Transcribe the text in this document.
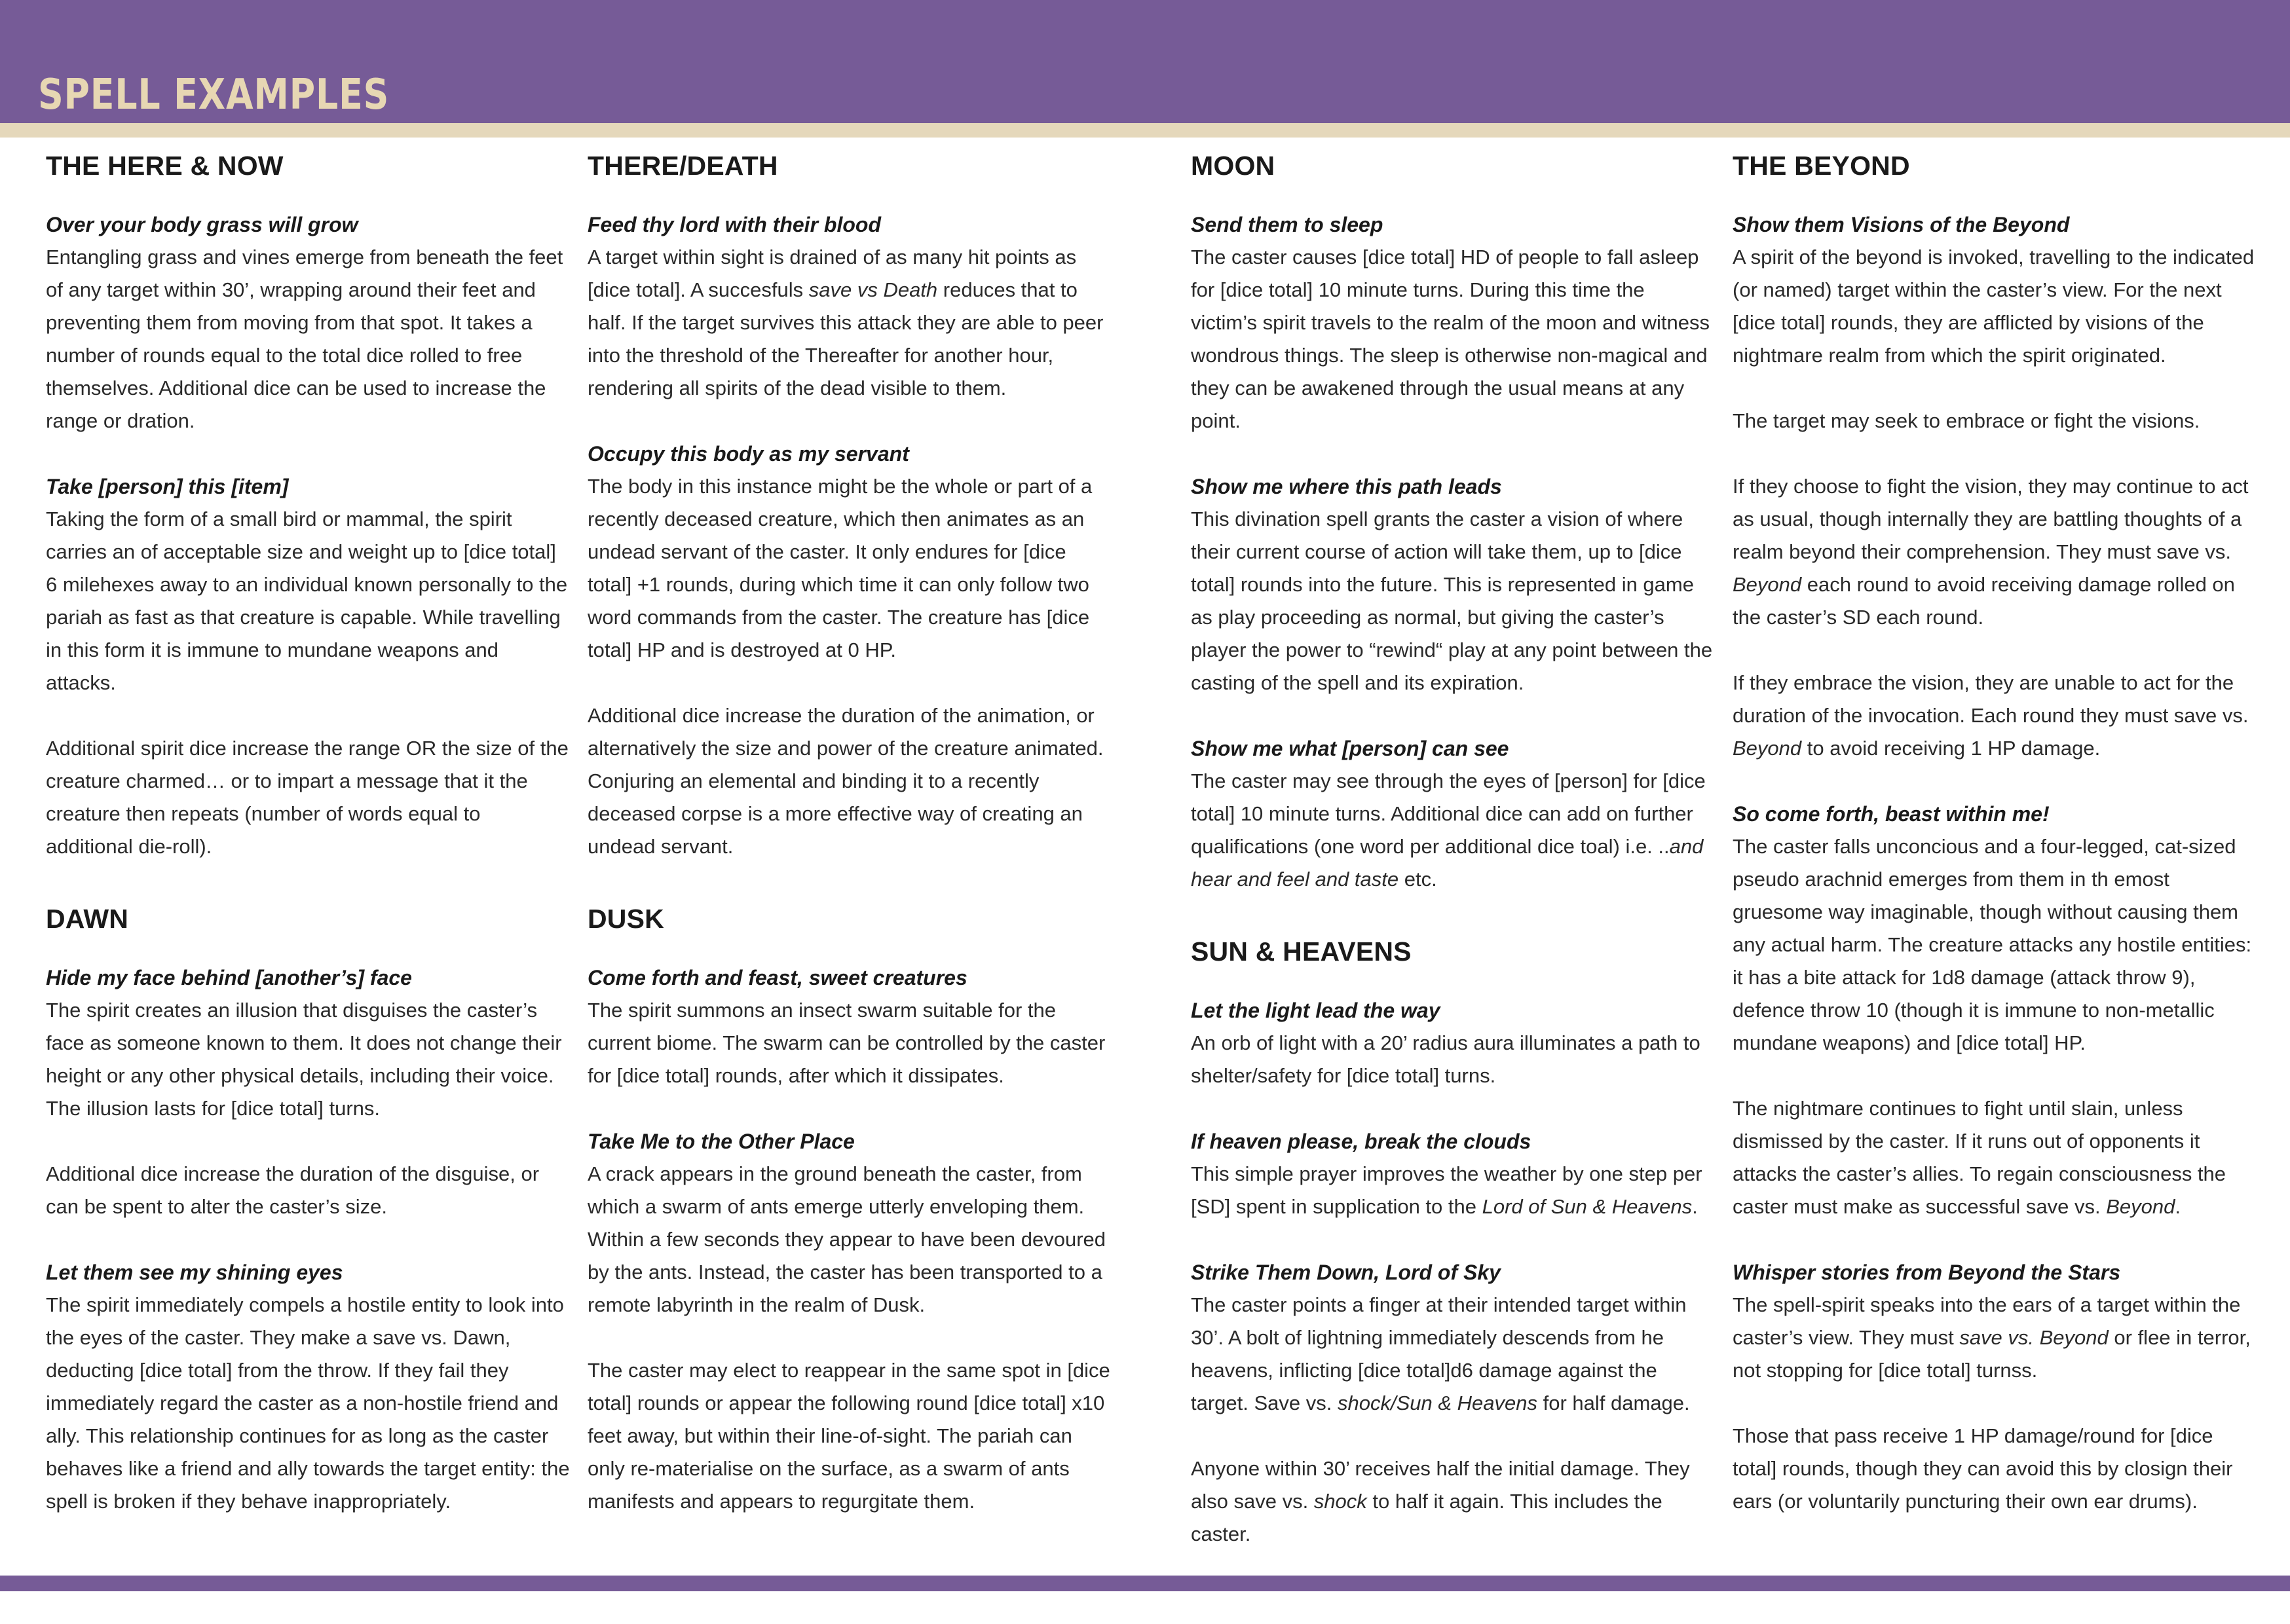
SPELL EXAMPLES
THE HERE & NOW

Over your body grass will grow

Entangling grass and vines emerge from beneath the feet of any target within 30’, wrapping around their feet and preventing them from moving from that spot. It takes a number of rounds equal to the total dice rolled to free themselves. Additional dice can be used to increase the range or dration.

Take [person] this [item]

Taking the form of a small bird or mammal, the spirit carries an of acceptable size and weight up to [dice total] 6 milehexes away to an individual known personally to the pariah as fast as that creature is capable. While travelling in this form it is immune to mundane weapons and attacks.

Additional spirit dice increase the range OR the size of the creature charmed… or to impart a message that it the creature then repeats (number of words equal to additional die-roll).

DAWN

Hide my face behind [another’s] face

The spirit creates an illusion that disguises the caster’s face as someone known to them. It does not change their height or any other physical details, including their voice. The illusion lasts for [dice total] turns.

Additional dice increase the duration of the disguise, or can be spent to alter the caster’s size.

Let them see my shining eyes

The spirit immediately compels a hostile entity to look into the eyes of the caster. They make a save vs. Dawn, deducting [dice total] from the throw. If they fail they immediately regard the caster as a non-hostile friend and ally. This relationship continues for as long as the caster behaves like a friend and ally towards the target entity: the spell is broken if they behave inappropriately.

THERE/DEATH

Feed thy lord with their blood

A target within sight is drained of as many hit points as [dice total]. A succesfuls save vs Death reduces that to half. If the target survives this attack they are able to peer into the threshold of the Thereafter for another hour, rendering all spirits of the dead visible to them.

Occupy this body as my servant

The body in this instance might be the whole or part of a recently deceased creature, which then animates as an undead servant of the caster. It only endures for [dice total] +1 rounds, during which time it can only follow two word commands from the caster. The creature has [dice total] HP and is destroyed at 0 HP.

Additional dice increase the duration of the animation, or alternatively the size and power of the creature animated. Conjuring an elemental and binding it to a recently deceased corpse is a more effective way of creating an undead servant.

DUSK

Come forth and feast, sweet creatures

The spirit summons an insect swarm suitable for the current biome. The swarm can be controlled by the caster for [dice total] rounds, after which it dissipates.

Take Me to the Other Place

A crack appears in the ground beneath the caster, from which a swarm of ants emerge utterly enveloping them. Within a few seconds they appear to have been devoured by the ants. Instead, the caster has been transported to a remote labyrinth in the realm of Dusk.

The caster may elect to reappear in the same spot in [dice total] rounds or appear the following round [dice total] x10 feet away, but within their line-of-sight. The pariah can only re-materialise on the surface, as a swarm of ants manifests and appears to regurgitate them.

MOON

Send them to sleep

The caster causes [dice total] HD of people to fall asleep for [dice total] 10 minute turns. During this time the victim’s spirit travels to the realm of the moon and witness wondrous things. The sleep is otherwise non-magical and they can be awakened through the usual means at any point.

Show me where this path leads

This divination spell grants the caster a vision of where their current course of action will take them, up to [dice total] rounds into the future. This is represented in game as play proceeding as normal, but giving the caster’s player the power to “rewind“ play at any point between the casting of the spell and its expiration.

Show me what [person] can see

The caster may see through the eyes of [person] for [dice total] 10 minute turns. Additional dice can add on further qualifications (one word per additional dice toal) i.e. ..and hear and feel and taste etc.

SUN & HEAVENS

Let the light lead the way

An orb of light with a 20’ radius aura illuminates a path to shelter/safety for [dice total] turns.

If heaven please, break the clouds

This simple prayer improves the weather by one step per [SD] spent in supplication to the Lord of Sun & Heavens.

Strike Them Down, Lord of Sky

The caster points a finger at their intended target within 30’. A bolt of lightning immediately descends from he heavens, inflicting [dice total]d6 damage against the target. Save vs. shock/Sun & Heavens for half damage.

Anyone within 30’ receives half the initial damage. They also save vs. shock to half it again. This includes the caster.

THE BEYOND

Show them Visions of the Beyond

A spirit of the beyond is invoked, travelling to the indicated (or named) target within the caster’s view. For the next [dice total] rounds, they are afflicted by visions of the nightmare realm from which the spirit originated.

The target may seek to embrace or fight the visions.

If they choose to fight the vision, they may continue to act as usual, though internally they are battling thoughts of a realm beyond their comprehension. They must save vs. Beyond each round to avoid receiving damage rolled on the caster’s SD each round.

If they embrace the vision, they are unable to act for the duration of the invocation. Each round they must save vs. Beyond to avoid receiving 1 HP damage.

So come forth, beast within me!

The caster falls unconcious and a four-legged, cat-sized pseudo arachnid emerges from them in th emost gruesome way imaginable, though without causing them any actual harm. The creature attacks any hostile entities: it has a bite attack for 1d8 damage (attack throw 9), defence throw 10 (though it is immune to non-metallic mundane weapons) and [dice total] HP.

The nightmare continues to fight until slain, unless dismissed by the caster. If it runs out of opponents it attacks the caster’s allies. To regain consciousness the caster must make as successful save vs. Beyond.

Whisper stories from Beyond the Stars

The spell-spirit speaks into the ears of a target within the caster’s view. They must save vs. Beyond or flee in terror, not stopping for [dice total] turnss.

Those that pass receive 1 HP damage/round for [dice total] rounds, though they can avoid this by closign their ears (or voluntarily puncturing their own ear drums).
